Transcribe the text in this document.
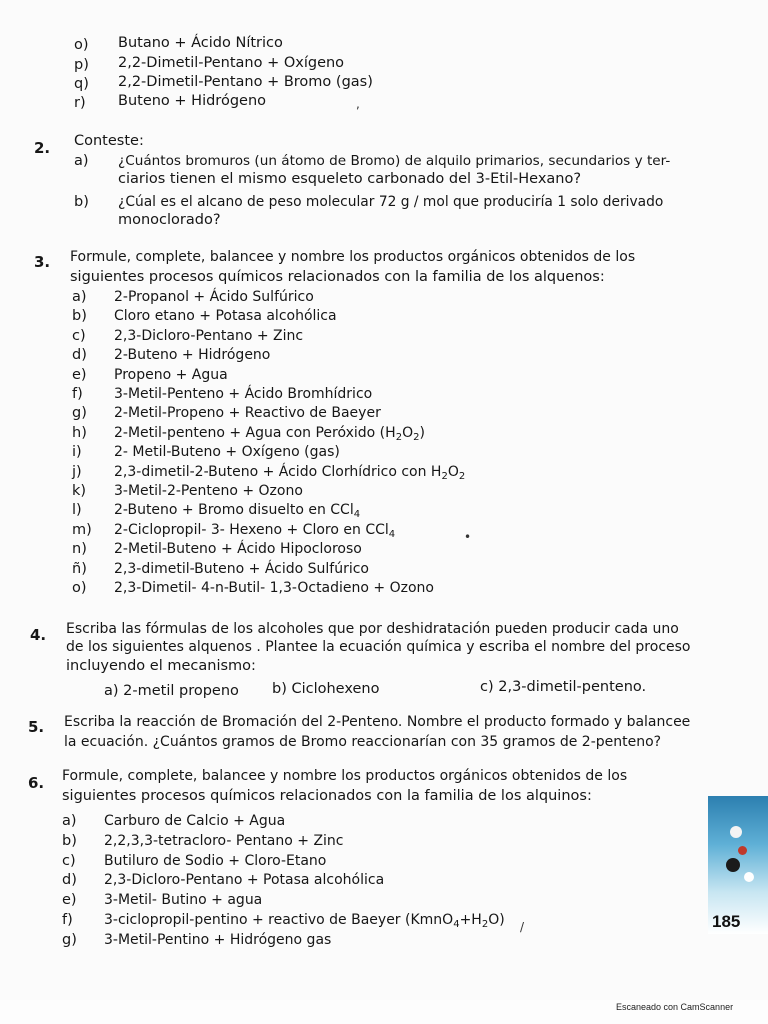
o) Butano + Ácido Nítrico
p) 2,2-Dimetil-Pentano + Oxígeno
q) 2,2-Dimetil-Pentano + Bromo (gas)
r) Buteno + Hidrógeno
2. Conteste:
a) ¿Cuántos bromuros (un átomo de Bromo) de alquilo primarios, secundarios y ter-
ciarios tienen el mismo esqueleto carbonado del 3-Etil-Hexano?
b) ¿Cúal es el alcano de peso molecular 72 g / mol que produciría 1 solo derivado
monoclorado?
3. Formule, complete, balancee y nombre los productos orgánicos obtenidos de los
siguientes procesos químicos relacionados con la familia de los alquenos:
a) 2-Propanol + Ácido Sulfúrico
b) Cloro etano + Potasa alcohólica
c) 2,3-Dicloro-Pentano + Zinc
d) 2-Buteno + Hidrógeno
e) Propeno + Agua
f) 3-Metil-Penteno + Ácido Bromhídrico
g) 2-Metil-Propeno + Reactivo de Baeyer
h) 2-Metil-penteno + Agua con Peróxido $(H_2O_2)$
i) 2- Metil-Buteno + Oxígeno (gas)
j) 2,3-dimetil-2-Buteno + Ácido Clorhídrico con $H_2O_2$
k) 3-Metil-2-Penteno + Ozono
l) 2-Buteno + Bromo disuelto en CCl$_4$
m) 2-Ciclopropil- 3- Hexeno + Cloro en CCl$_4$
n) 2-Metil-Buteno + Ácido Hipocloroso
ñ) 2,3-dimetil-Buteno + Ácido Sulfúrico
o) 2,3-Dimetil- 4-n-Butil- 1,3-Octadieno + Ozono
4. Escriba las fórmulas de los alcoholes que por deshidratación pueden producir cada uno
de los siguientes alquenos . Plantee la ecuación química y escriba el nombre del proceso
incluyendo el mecanismo:
a) 2-metil propeno b) Ciclohexeno	c) 2,3-dimetil-penteno.
5. Escriba la reacción de Bromación del 2-Penteno. Nombre el producto formado y balancee
la ecuación. ¿Cuántos gramos de Bromo reaccionarían con 35 gramos de 2-penteno?
6. Formule, complete, balancee y nombre los productos orgánicos obtenidos de los
siguientes procesos químicos relacionados con la familia de los alquinos:
a) Carburo de Calcio + Agua
b) 2,2,3,3-tetracloro- Pentano + Zinc
c) Butiluro de Sodio + Cloro-Etano
d) 2,3-Dicloro-Pentano + Potasa alcohólica
e) 3-Metil- Butino + agua
f) 3-ciclopropil-pentino + reactivo de Baeyer $(KmnO_4+H_2O)$
g) 3-Metil-Pentino + Hidrógeno gas
,
•
/	185
Escaneado con CamScanner
